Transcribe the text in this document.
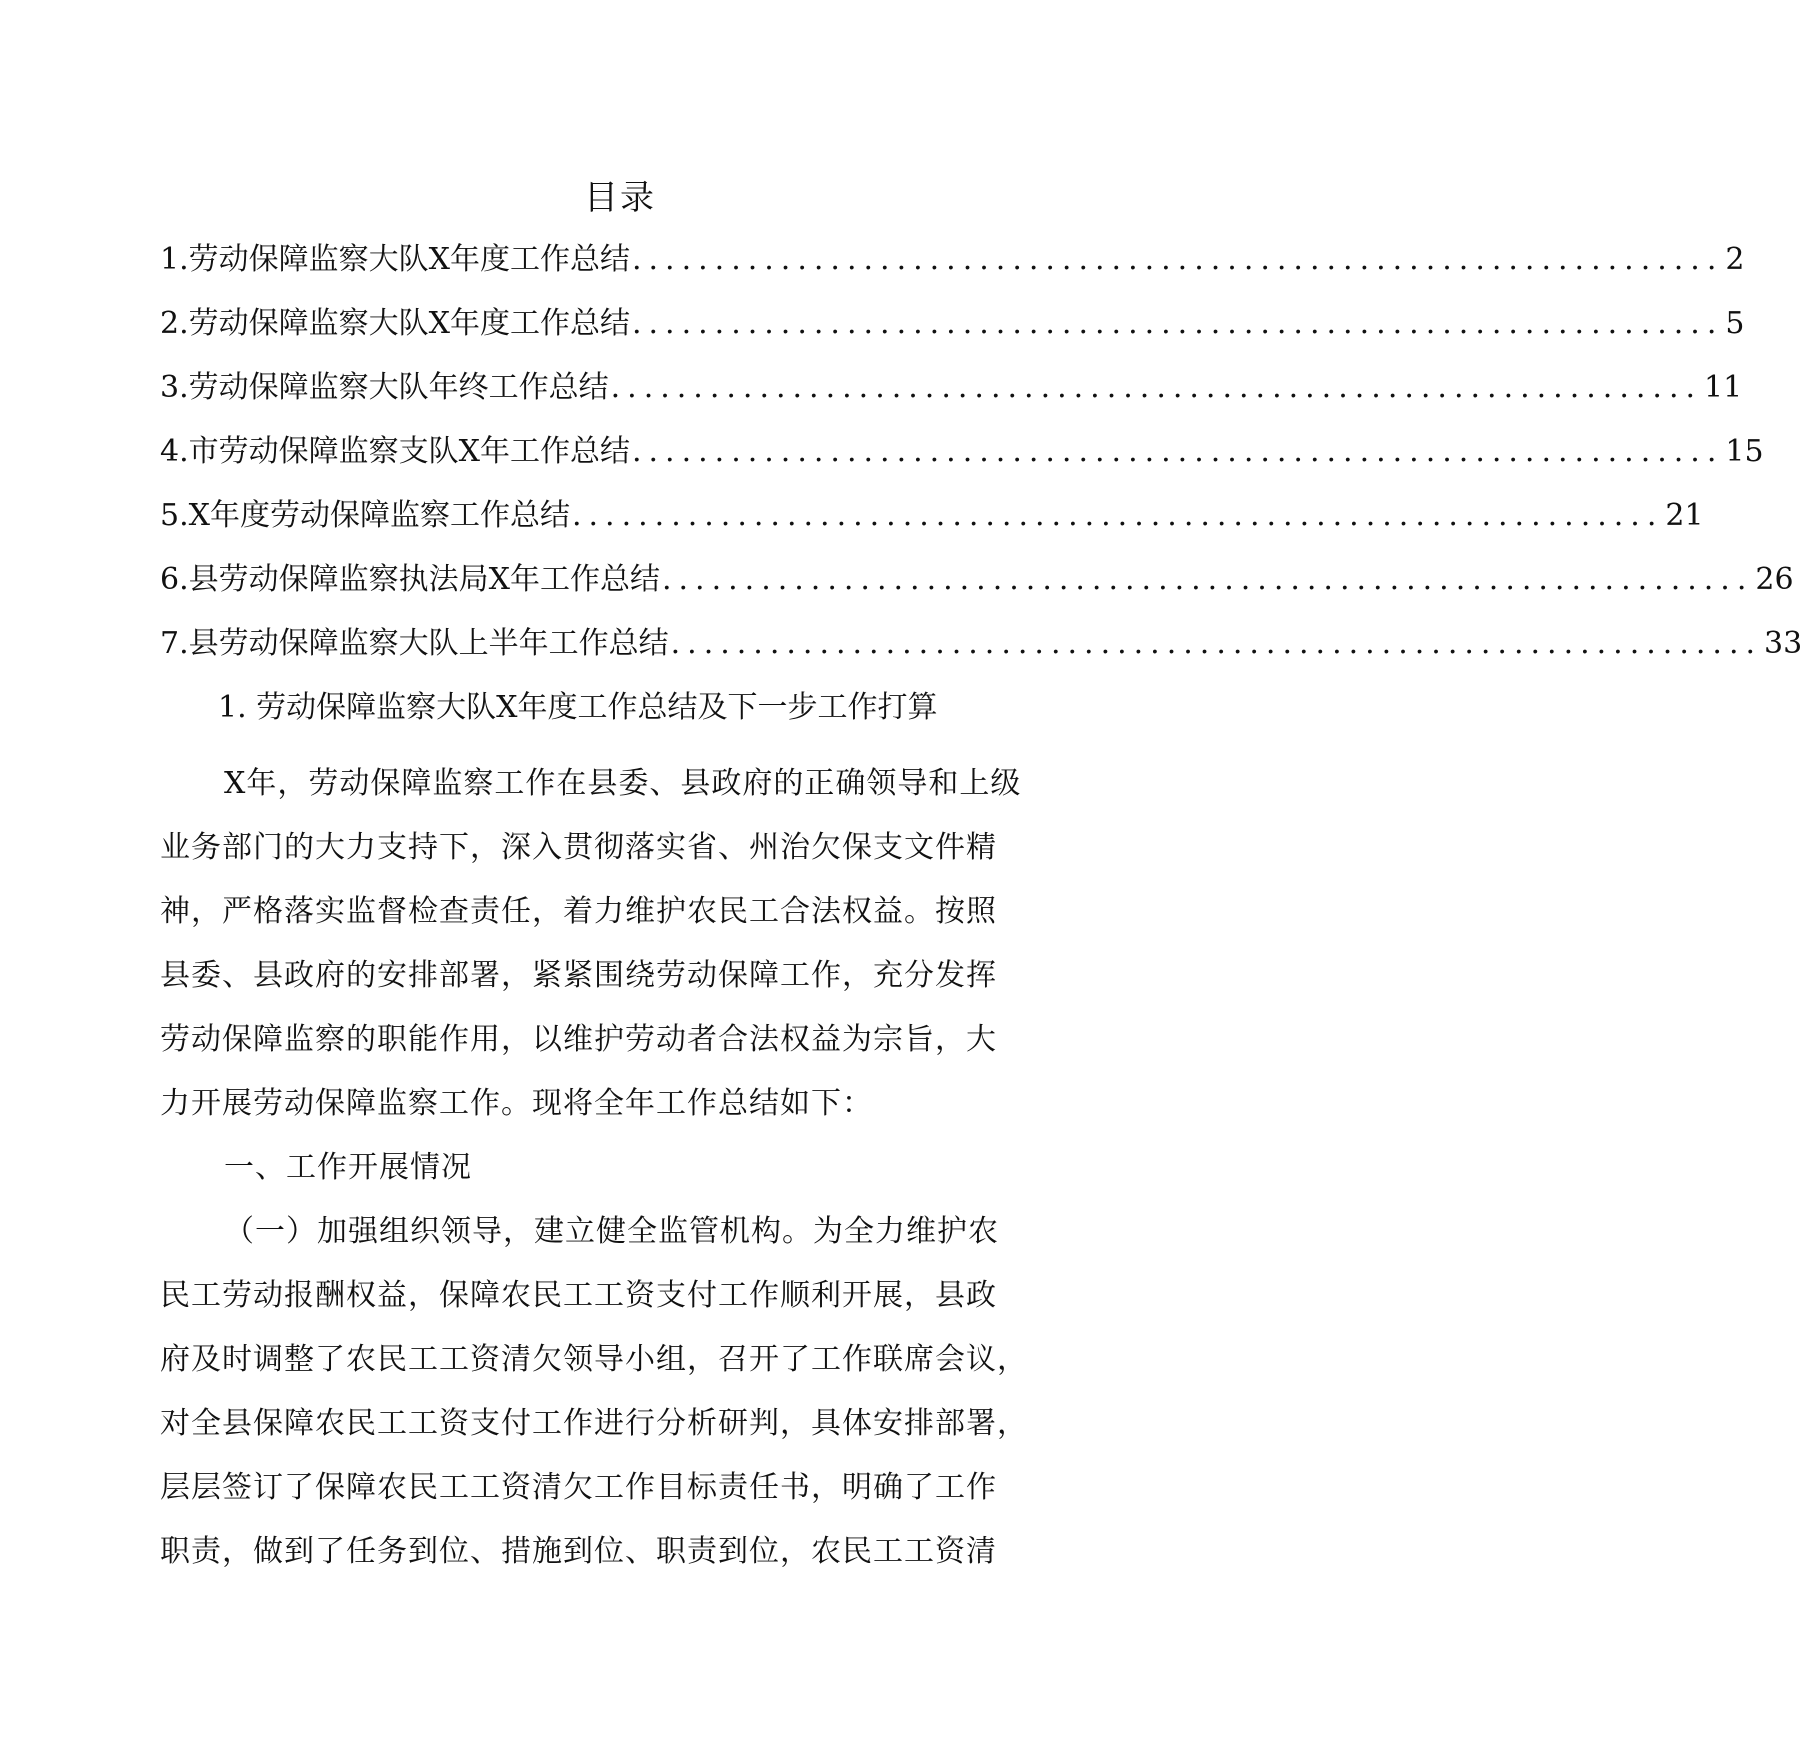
目录
1. 劳动保障监察大队X年度工作总结 .................................................................. 2
2. 劳动保障监察大队X年度工作总结 .................................................................. 5
3. 劳动保障监察大队年终工作总结 .................................................................. 11
4. 市劳动保障监察支队X年工作总结 .................................................................. 15
5. X年度劳动保障监察工作总结 .................................................................. 21
6. 县劳动保障监察执法局X年工作总结 .................................................................. 26
7. 县劳动保障监察大队上半年工作总结 .................................................................. 33
1. 劳动保障监察大队X年度工作总结及下一步工作打算
X年，劳动保障监察工作在县委、县政府的正确领导和上级
业务部门的大力支持下，深入贯彻落实省、州治欠保支文件精
神，严格落实监督检查责任，着力维护农民工合法权益。按照
县委、县政府的安排部署，紧紧围绕劳动保障工作，充分发挥
劳动保障监察的职能作用，以维护劳动者合法权益为宗旨，大
力开展劳动保障监察工作。现将全年工作总结如下：
一、工作开展情况
（一）加强组织领导，建立健全监管机构。为全力维护农
民工劳动报酬权益，保障农民工工资支付工作顺利开展，县政
府及时调整了农民工工资清欠领导小组，召开了工作联席会议，
对全县保障农民工工资支付工作进行分析研判，具体安排部署，
层层签订了保障农民工工资清欠工作目标责任书，明确了工作
职责，做到了任务到位、措施到位、职责到位，农民工工资清
